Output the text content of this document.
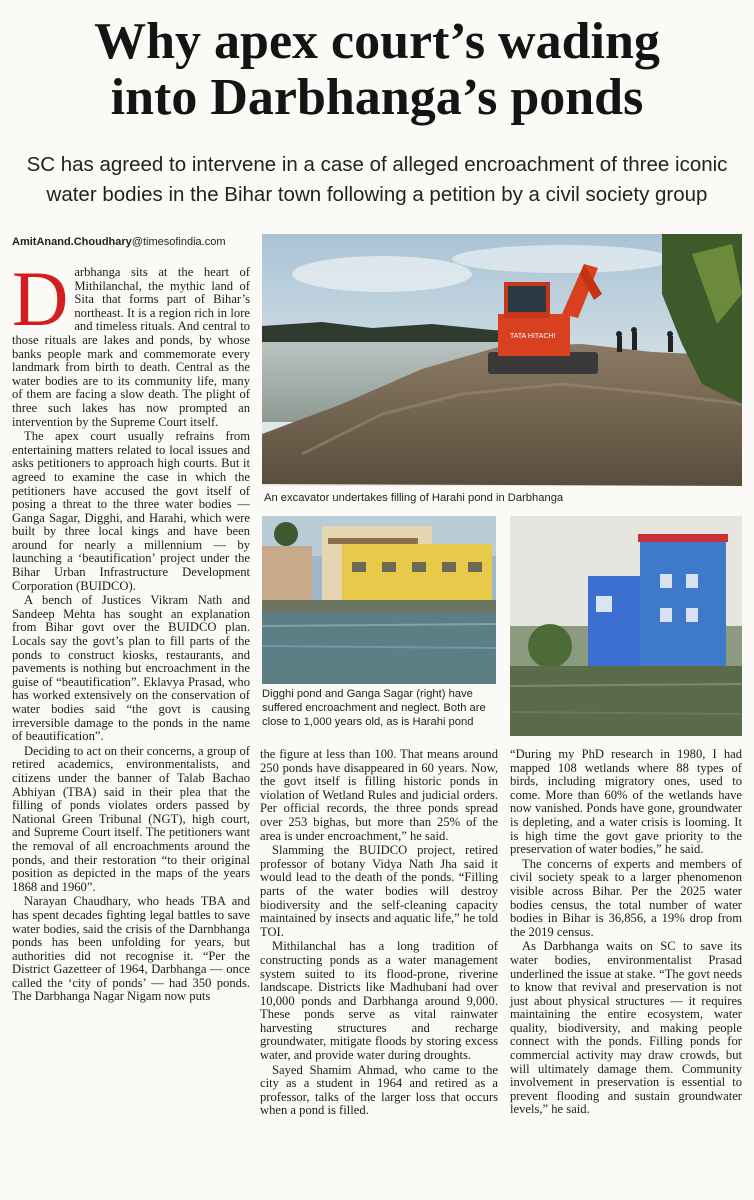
Why apex court’s wading
into Darbhanga’s ponds
SC has agreed to intervene in a case of alleged encroachment of three iconic
water bodies in the Bihar town following a petition by a civil society group
AmitAnand.Choudhary@timesofindia.com
D arbhanga sits at the heart of Mithilanchal, the mythic land of Sita that forms part of Bihar’s northeast. It is a region rich in lore and timeless rituals. And central to those rituals are lakes and ponds, by whose banks people mark and commemorate every landmark from birth to death. Central as the water bodies are to its community life, many of them are facing a slow death. The plight of three such lakes has now prompted an intervention by the Supreme Court itself.

The apex court usually refrains from entertaining matters related to local issues and asks petitioners to approach high courts. But it agreed to examine the case in which the petitioners have accused the govt itself of posing a threat to the three water bodies — Ganga Sagar, Digghi, and Harahi, which were built by three local kings and have been around for nearly a millennium — by launching a ‘beautification’ project under the Bihar Urban Infrastructure Development Corporation (BUIDCO).

A bench of Justices Vikram Nath and Sandeep Mehta has sought an explanation from Bihar govt over the BUIDCO plan. Locals say the govt’s plan to fill parts of the ponds to construct kiosks, restaurants, and pavements is nothing but encroachment in the guise of “beautification”. Eklavya Prasad, who has worked extensively on the conservation of water bodies said “the govt is causing irreversible damage to the ponds in the name of beautification”.

Deciding to act on their concerns, a group of retired academics, environmentalists, and citizens under the banner of Talab Bachao Abhiyan (TBA) said in their plea that the filling of ponds violates orders passed by National Green Tribunal (NGT), high court, and Supreme Court itself. The petitioners want the removal of all encroachments around the ponds, and their restoration “to their original position as depicted in the maps of the years 1868 and 1960”.

Narayan Chaudhary, who heads TBA and has spent decades fighting legal battles to save water bodies, said the crisis of the Darnbhanga ponds has been unfolding for years, but authorities did not recognise it. “Per the District Gazetteer of 1964, Darbhanga — once called the ‘city of ponds’ — had 350 ponds. The Darbhanga Nagar Nigam now puts

TATA HITACHI
An excavator undertakes filling of Harahi pond in Darbhanga
Digghi pond and Ganga Sagar (right) have
suffered encroachment and neglect. Both are
close to 1,000 years old, as is Harahi pond

the figure at less than 100. That means around 250 ponds have disappeared in 60 years. Now, the govt itself is filling historic ponds in violation of Wetland Rules and judicial orders. Per official records, the three ponds spread over 253 bighas, but more than 25% of the area is under encroachment,” he said.

Slamming the BUIDCO project, retired professor of botany Vidya Nath Jha said it would lead to the death of the ponds. “Filling parts of the water bodies will destroy biodiversity and the self-cleaning capacity maintained by insects and aquatic life,” he told TOI.

Mithilanchal has a long tradition of constructing ponds as a water management system suited to its flood-prone, riverine landscape. Districts like Madhubani had over 10,000 ponds and Darbhanga around 9,000. These ponds serve as vital rainwater harvesting structures and recharge groundwater, mitigate floods by storing excess water, and provide water during droughts.

Sayed Shamim Ahmad, who came to the city as a student in 1964 and retired as a professor, talks of the larger loss that occurs when a pond is filled.

“During my PhD research in 1980, I had mapped 108 wetlands where 88 types of birds, including migratory ones, used to come. More than 60% of the wetlands have now vanished. Ponds have gone, groundwater is depleting, and a water crisis is looming. It is high time the govt gave priority to the preservation of water bodies,” he said.

The concerns of experts and members of civil society speak to a larger phenomenon visible across Bihar. Per the 2025 water bodies census, the total number of water bodies in Bihar is 36,856, a 19% drop from the 2019 census.

As Darbhanga waits on SC to save its water bodies, environmentalist Prasad underlined the issue at stake. “The govt needs to know that revival and preservation is not just about physical structures — it requires maintaining the entire ecosystem, water quality, biodiversity, and making people connect with the ponds. Filling ponds for commercial activity may draw crowds, but will ultimately damage them. Community involvement in preservation is essential to prevent flooding and sustain groundwater levels,” he said.
